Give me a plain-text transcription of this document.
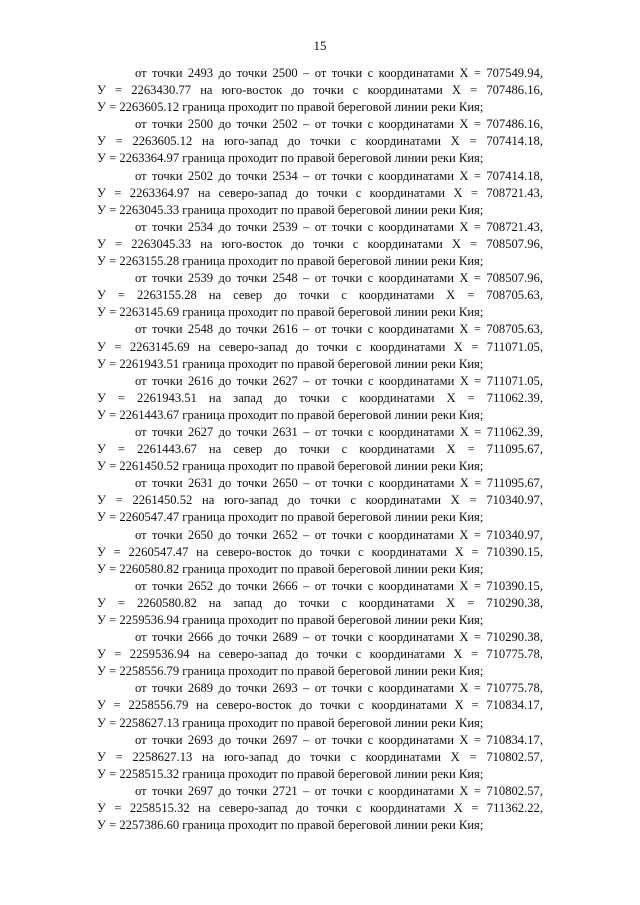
15

от точки 2493 до точки 2500 – от точки с координатами Х = 707549.94,
У = 2263430.77 на юго-восток до точки с координатами Х = 707486.16,
У = 2263605.12 граница проходит по правой береговой линии реки Кия;

от точки 2500 до точки 2502 – от точки с координатами Х = 707486.16,
У = 2263605.12 на юго-запад до точки с координатами Х = 707414.18,
У = 2263364.97 граница проходит по правой береговой линии реки Кия;

от точки 2502 до точки 2534 – от точки с координатами Х = 707414.18,
У = 2263364.97 на северо-запад до точки с координатами Х = 708721.43,
У = 2263045.33 граница проходит по правой береговой линии реки Кия;

от точки 2534 до точки 2539 – от точки с координатами Х = 708721.43,
У = 2263045.33 на юго-восток до точки с координатами Х = 708507.96,
У = 2263155.28 граница проходит по правой береговой линии реки Кия;

от точки 2539 до точки 2548 – от точки с координатами Х = 708507.96,
У = 2263155.28 на север до точки с координатами Х = 708705.63,
У = 2263145.69 граница проходит по правой береговой линии реки Кия;

от точки 2548 до точки 2616 – от точки с координатами Х = 708705.63,
У = 2263145.69 на северо-запад до точки с координатами Х = 711071.05,
У = 2261943.51 граница проходит по правой береговой линии реки Кия;

от точки 2616 до точки 2627 – от точки с координатами Х = 711071.05,
У = 2261943.51 на запад до точки с координатами Х = 711062.39,
У = 2261443.67 граница проходит по правой береговой линии реки Кия;

от точки 2627 до точки 2631 – от точки с координатами Х = 711062.39,
У = 2261443.67 на север до точки с координатами Х = 711095.67,
У = 2261450.52 граница проходит по правой береговой линии реки Кия;

от точки 2631 до точки 2650 – от точки с координатами Х = 711095.67,
У = 2261450.52 на юго-запад до точки с координатами Х = 710340.97,
У = 2260547.47 граница проходит по правой береговой линии реки Кия;

от точки 2650 до точки 2652 – от точки с координатами Х = 710340.97,
У = 2260547.47 на северо-восток до точки с координатами Х = 710390.15,
У = 2260580.82 граница проходит по правой береговой линии реки Кия;

от точки 2652 до точки 2666 – от точки с координатами Х = 710390.15,
У = 2260580.82 на запад до точки с координатами Х = 710290.38,
У = 2259536.94 граница проходит по правой береговой линии реки Кия;

от точки 2666 до точки 2689 – от точки с координатами Х = 710290.38,
У = 2259536.94 на северо-запад до точки с координатами Х = 710775.78,
У = 2258556.79 граница проходит по правой береговой линии реки Кия;

от точки 2689 до точки 2693 – от точки с координатами Х = 710775.78,
У = 2258556.79 на северо-восток до точки с координатами Х = 710834.17,
У = 2258627.13 граница проходит по правой береговой линии реки Кия;

от точки 2693 до точки 2697 – от точки с координатами Х = 710834.17,
У = 2258627.13 на юго-запад до точки с координатами Х = 710802.57,
У = 2258515.32 граница проходит по правой береговой линии реки Кия;

от точки 2697 до точки 2721 – от точки с координатами Х = 710802.57,
У = 2258515.32 на северо-запад до точки с координатами Х = 711362.22,
У = 2257386.60 граница проходит по правой береговой линии реки Кия;
